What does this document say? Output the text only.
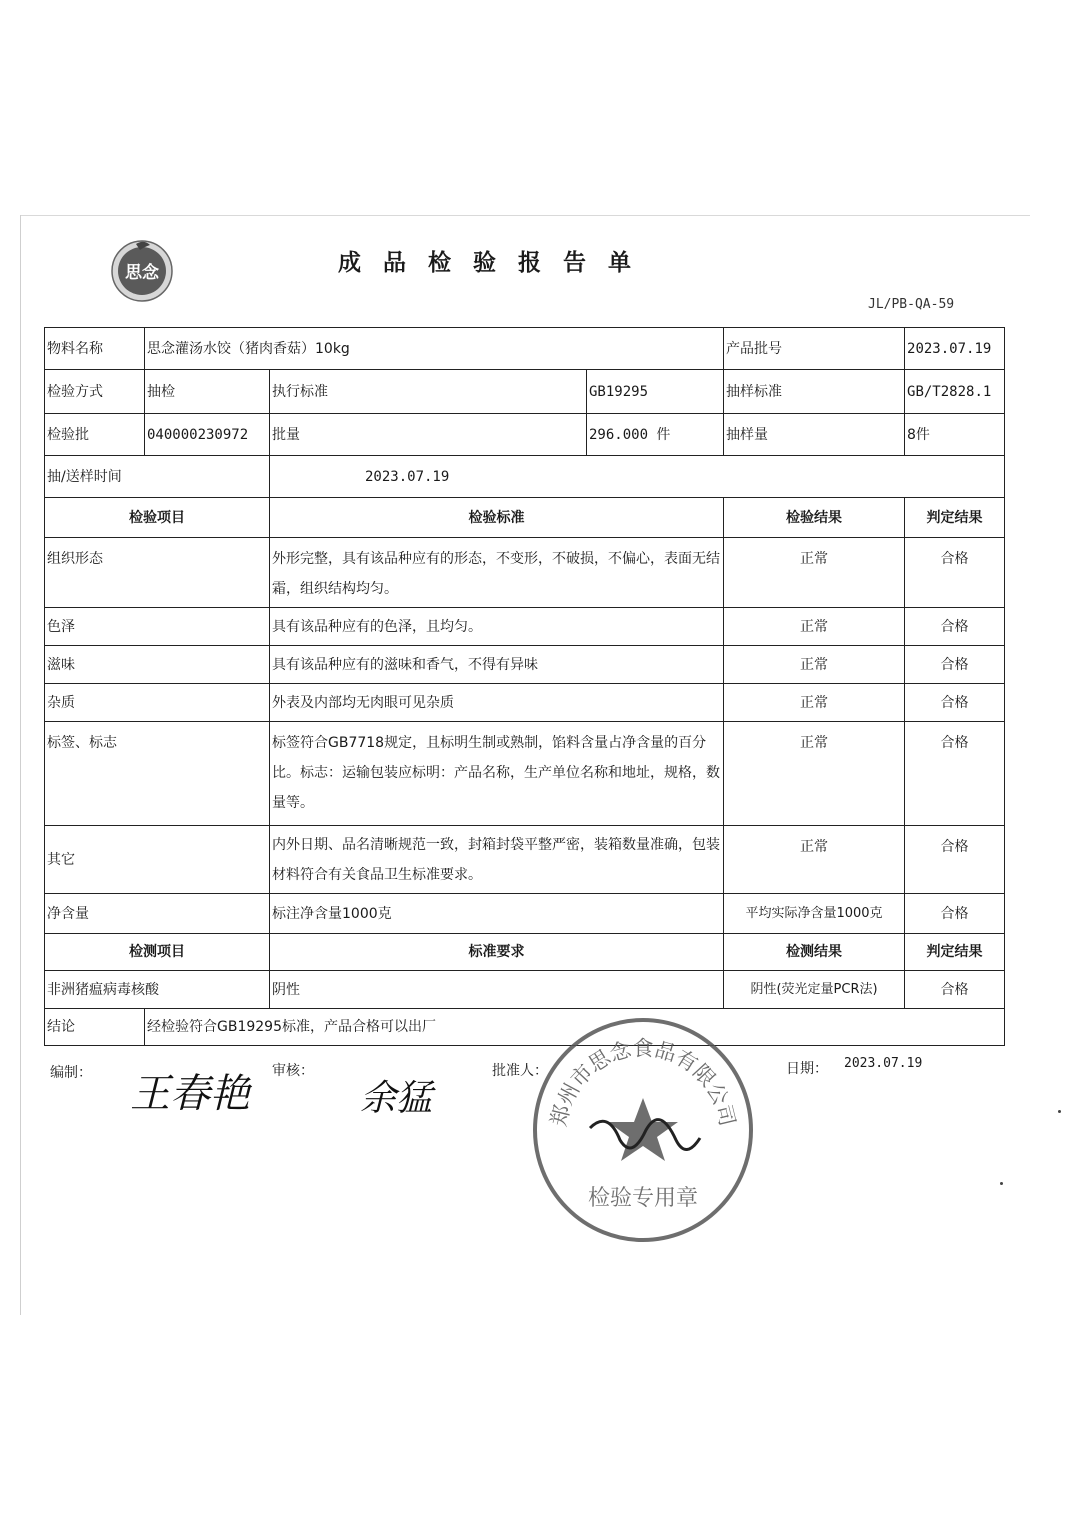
思念	成品检验报告单
JL/PB-QA-59
物料名称	思念灌汤水饺（猪肉香菇）10kg			产品批号	2023.07.19
检验方式	抽检	执行标准	GB19295	抽样标准	GB/T2828.1
检验批	040000230972	批量	296.000 件	抽样量	8件
抽/送样时间		2023.07.19			
检验项目		检验标准		检验结果	判定结果
组织形态		外形完整，具有该品种应有的形态，不变形，不破损，不偏心，表面无结霜，组织结构均匀。		正常	合格
色泽		具有该品种应有的色泽，且均匀。		正常	合格
滋味		具有该品种应有的滋味和香气，不得有异味		正常	合格
杂质		外表及内部均无肉眼可见杂质		正常	合格
标签、标志		标签符合GB7718规定，且标明生制或熟制，馅料含量占净含量的百分比。标志：运输包装应标明：产品名称，生产单位名称和地址，规格，数量等。		正常	合格
其它		内外日期、品名清晰规范一致，封箱封袋平整严密，装箱数量准确，包装材料符合有关食品卫生标准要求。		正常	合格
净含量		标注净含量1000克		平均实际净含量1000克	合格
检测项目		标准要求		检测结果	判定结果
非洲猪瘟病毒核酸		阴性		阴性(荧光定量PCR法)	合格
结论	经检验符合GB19295标准，产品合格可以出厂				
编制： 王春艳 审核：
余猛
批准人：	日期： 2023.07.19
郑州市思念食品有限公司
检验专用章
